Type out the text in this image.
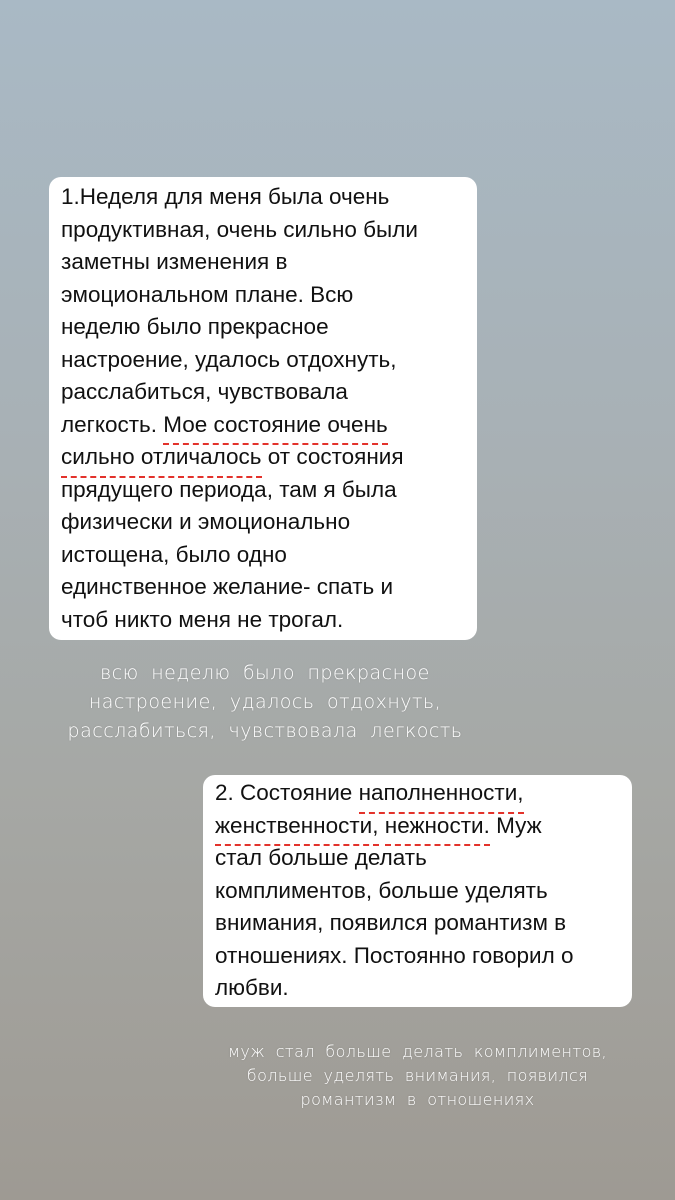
1.Неделя для меня была очень
продуктивная, очень сильно были
заметны изменения в
эмоциональном плане. Всю
неделю было прекрасное
настроение, удалось отдохнуть,
расслабиться, чувствовала
легкость. Мое состояние очень
сильно отличалось от состояния
прядущего периода, там я была
физически и эмоционально
истощена, было одно
единственное желание- спать и
чтоб никто меня не трогал.
всю неделю было прекрасное
настроение, удалось отдохнуть,
расслабиться, чувствовала легкость
2. Состояние наполненности,
женственности, нежности. Муж
стал больше делать
комплиментов, больше уделять
внимания, появился романтизм в
отношениях. Постоянно говорил о
любви.
муж стал больше делать комплиментов,
больше уделять внимания, появился
романтизм в отношениях
